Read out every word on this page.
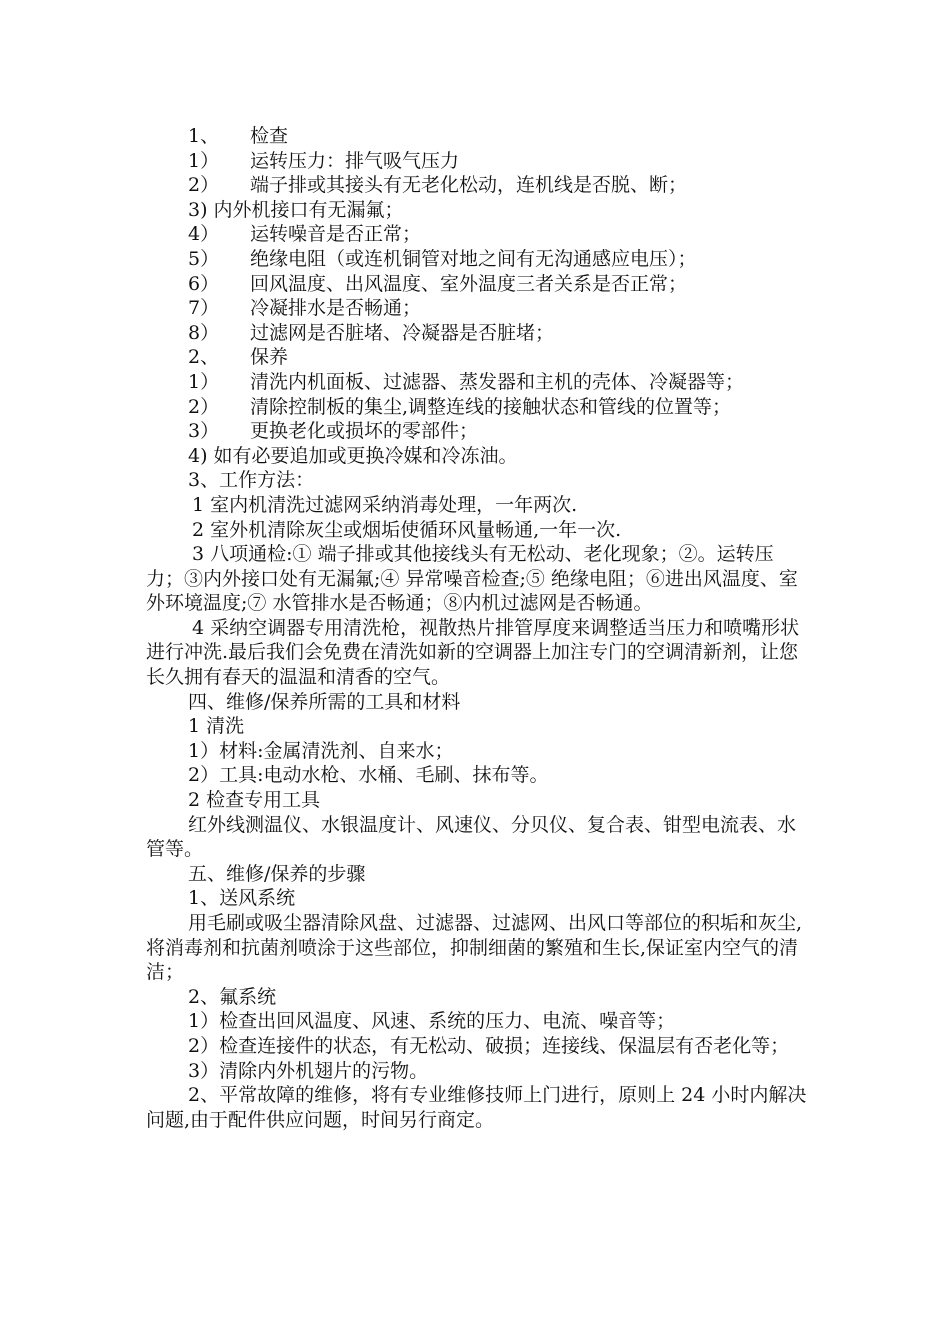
1、 检查

1） 运转压力：排气吸气压力

2） 端子排或其接头有无老化松动，连机线是否脱、断；

3) 内外机接口有无漏氟；

4） 运转噪音是否正常；

5） 绝缘电阻（或连机铜管对地之间有无沟通感应电压）；

6） 回风温度、出风温度、室外温度三者关系是否正常；

7） 冷凝排水是否畅通；

8） 过滤网是否脏堵、冷凝器是否脏堵；

2、 保养

1） 清洗内机面板、过滤器、蒸发器和主机的壳体、冷凝器等；

2） 清除控制板的集尘,调整连线的接触状态和管线的位置等；

3） 更换老化或损坏的零部件；

4) 如有必要追加或更换冷媒和冷冻油。

3、工作方法：

1 室内机清洗过滤网采纳消毒处理，一年两次.

2 室外机清除灰尘或烟垢使循环风量畅通,一年一次.

3 八项通检:① 端子排或其他接线头有无松动、老化现象；②。运转压力；③内外接口处有无漏氟;④ 异常噪音检查;⑤ 绝缘电阻；⑥进出风温度、室外环境温度;⑦ 水管排水是否畅通；⑧内机过滤网是否畅通。

4 采纳空调器专用清洗枪，视散热片排管厚度来调整适当压力和喷嘴形状进行冲洗.最后我们会免费在清洗如新的空调器上加注专门的空调清新剂，让您长久拥有春天的温温和清香的空气。

四、维修/保养所需的工具和材料

1 清洗

1）材料:金属清洗剂、自来水；

2）工具:电动水枪、水桶、毛刷、抹布等。

2 检查专用工具

红外线测温仪、水银温度计、风速仪、分贝仪、复合表、钳型电流表、水管等。

五、维修/保养的步骤

1、送风系统

用毛刷或吸尘器清除风盘、过滤器、过滤网、出风口等部位的积垢和灰尘,将消毒剂和抗菌剂喷涂于这些部位，抑制细菌的繁殖和生长,保证室内空气的清洁；

2、氟系统

1）检查出回风温度、风速、系统的压力、电流、噪音等；

2）检查连接件的状态，有无松动、破损；连接线、保温层有否老化等；

3）清除内外机翅片的污物。

2、平常故障的维修，将有专业维修技师上门进行，原则上 24 小时内解决问题,由于配件供应问题，时间另行商定。
